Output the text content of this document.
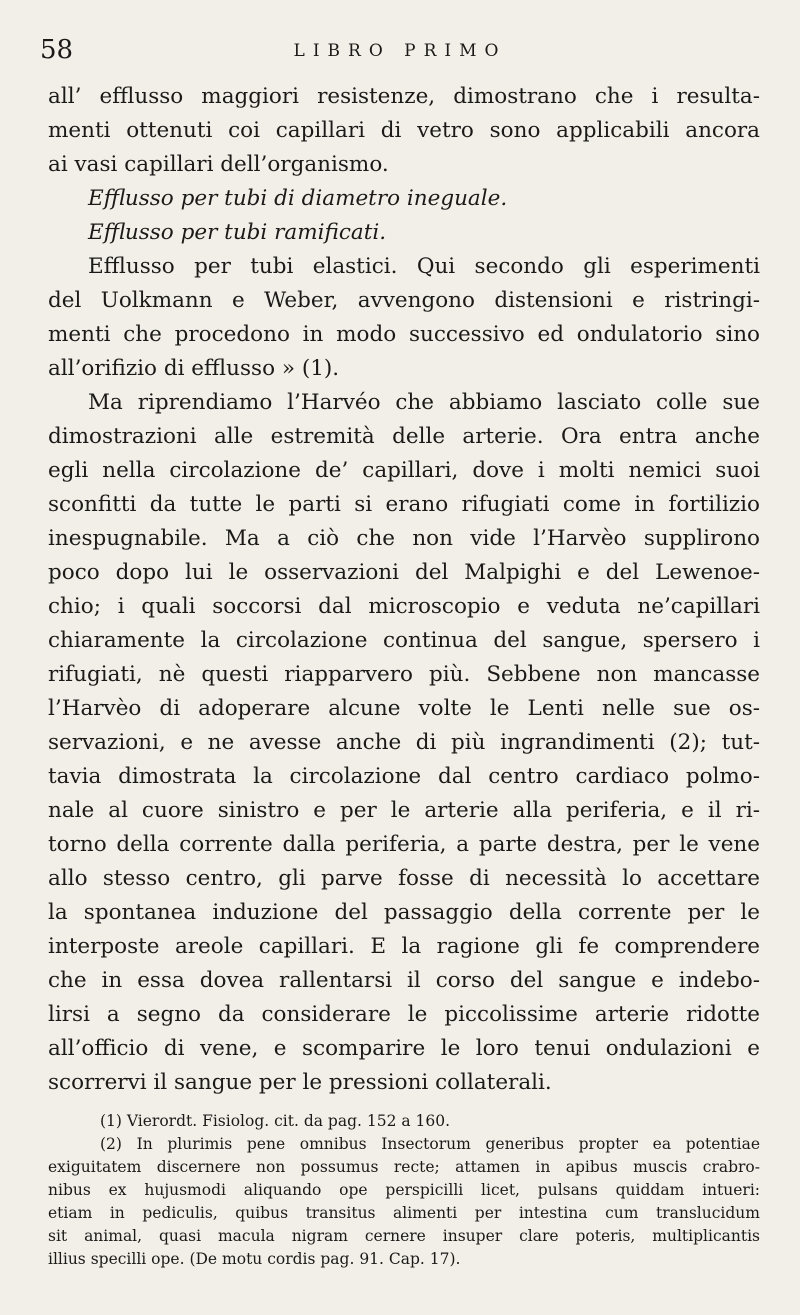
58	LIBRO PRIMO
all’ efflusso maggiori resistenze, dimostrano che i resulta-
menti ottenuti coi capillari di vetro sono applicabili ancora
ai vasi capillari dell’organismo.
Efflusso per tubi di diametro ineguale.
Efflusso per tubi ramificati.
Efflusso per tubi elastici. Qui secondo gli esperimenti
del Uolkmann e Weber, avvengono distensioni e ristringi-
menti che procedono in modo successivo ed ondulatorio sino
all’orifizio di efflusso » (1).
Ma riprendiamo l’Harvéo che abbiamo lasciato colle sue
dimostrazioni alle estremità delle arterie. Ora entra anche
egli nella circolazione de’ capillari, dove i molti nemici suoi
sconfitti da tutte le parti si erano rifugiati come in fortilizio
inespugnabile. Ma a ciò che non vide l’Harvèo supplirono
poco dopo lui le osservazioni del Malpighi e del Lewenoe-
chio; i quali soccorsi dal microscopio e veduta ne’capillari
chiaramente la circolazione continua del sangue, spersero i
rifugiati, nè questi riapparvero più. Sebbene non mancasse
l’Harvèo di adoperare alcune volte le Lenti nelle sue os-
servazioni, e ne avesse anche di più ingrandimenti (2); tut-
tavia dimostrata la circolazione dal centro cardiaco polmo-
nale al cuore sinistro e per le arterie alla periferia, e il ri-
torno della corrente dalla periferia, a parte destra, per le vene
allo stesso centro, gli parve fosse di necessità lo accettare
la spontanea induzione del passaggio della corrente per le
interposte areole capillari. E la ragione gli fe comprendere
che in essa dovea rallentarsi il corso del sangue e indebo-
lirsi a segno da considerare le piccolissime arterie ridotte
all’officio di vene, e scomparire le loro tenui ondulazioni e
scorrervi il sangue per le pressioni collaterali.
(1) Vierordt. Fisiolog. cit. da pag. 152 a 160.
(2) In plurimis pene omnibus Insectorum generibus propter ea potentiae
exiguitatem discernere non possumus recte; attamen in apibus muscis crabro-
nibus ex hujusmodi aliquando ope perspicilli licet, pulsans quiddam intueri:
etiam in pediculis, quibus transitus alimenti per intestina cum translucidum
sit animal, quasi macula nigram cernere insuper clare poteris, multiplicantis
illius specilli ope. (De motu cordis pag. 91. Cap. 17).
